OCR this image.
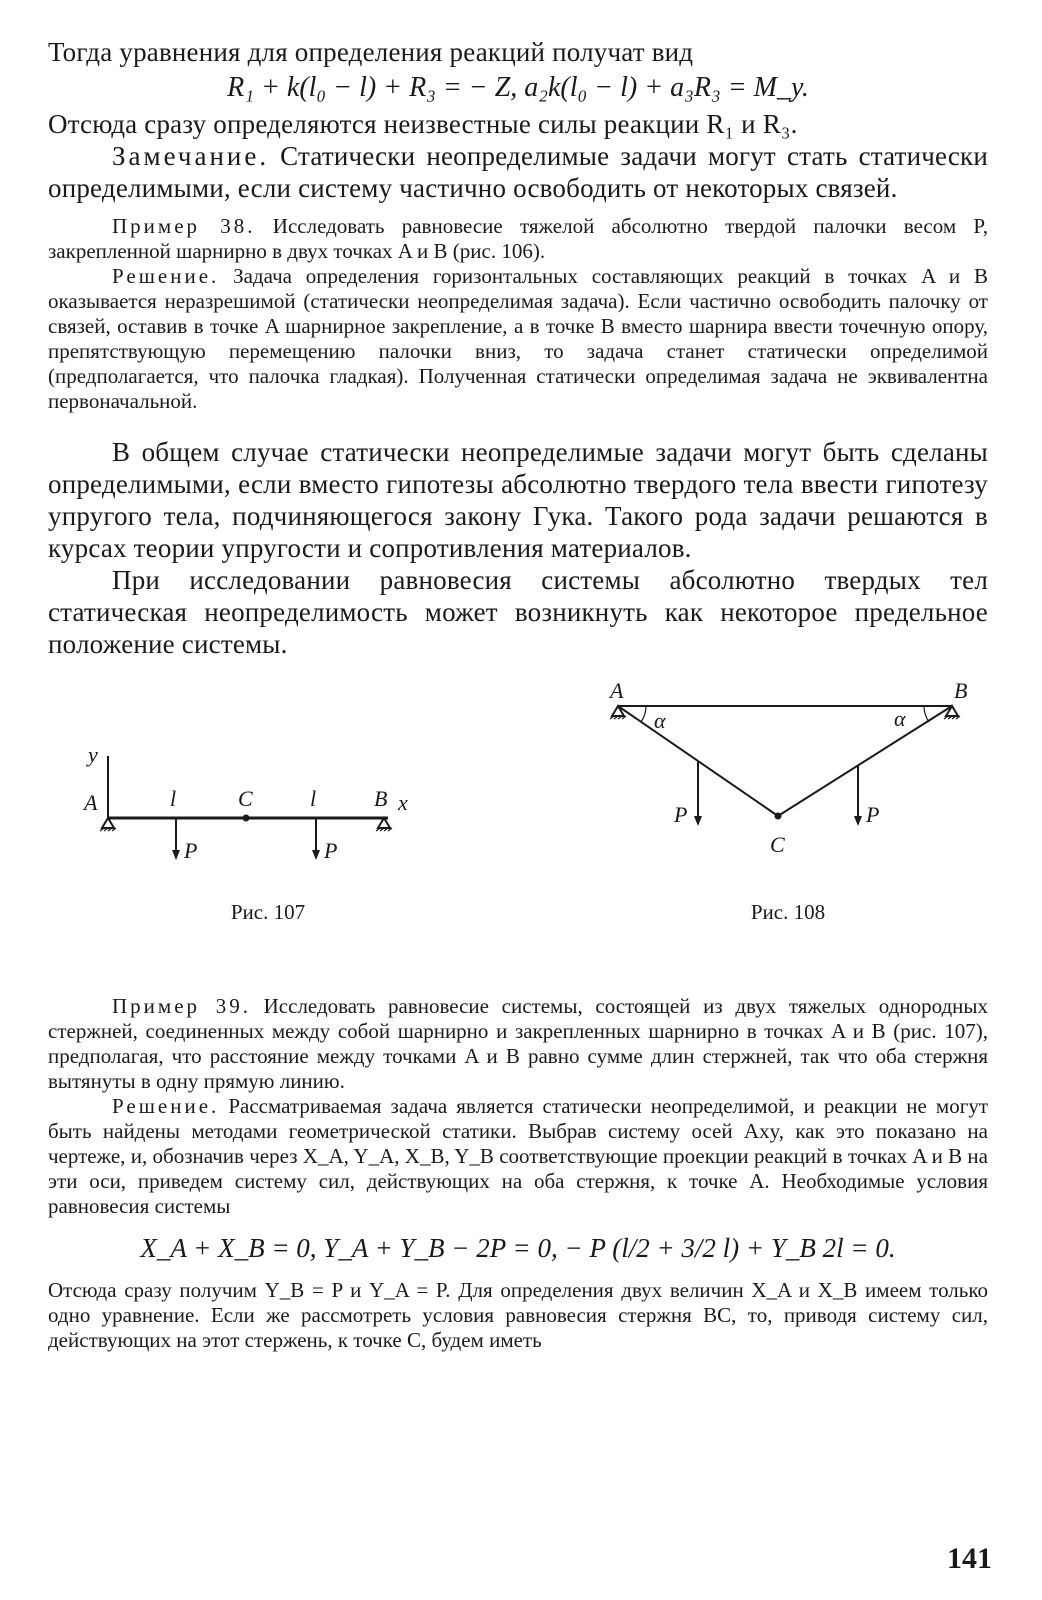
Тогда уравнения для определения реакций получат вид

R₁ + k(l₀ − l) + R₃ = − Z, a₂k(l₀ − l) + a₃R₃ = M_y.

Отсюда сразу определяются неизвестные силы реакции R₁ и R₃.

Замечание. Статически неопределимые задачи могут стать статически определимыми, если систему частично освободить от некоторых связей.

Пример 38. Исследовать равновесие тяжелой абсолютно твердой палочки весом P, закрепленной шарнирно в двух точках A и B (рис. 106).

Решение. Задача определения горизонтальных составляющих реакций в точках A и B оказывается неразрешимой (статически неопределимая задача). Если частично освободить палочку от связей, оставив в точке A шарнирное закрепление, а в точке B вместо шарнира ввести точечную опору, препятствующую перемещению палочки вниз, то задача станет статически определимой (предполагается, что палочка гладкая). Полученная статически определимая задача не эквивалентна первоначальной.

В общем случае статически неопределимые задачи могут быть сделаны определимыми, если вместо гипотезы абсолютно твердого тела ввести гипотезу упругого тела, подчиняющегося закону Гука. Такого рода задачи решаются в курсах теории упругости и сопротивления материалов.

При исследовании равновесия системы абсолютно твердых тел статическая неопределимость может возникнуть как некоторое предельное положение системы.

y
A	l	C	l	B x
P	P
Рис. 107
A	B
α	α
P	P
C
Рис. 108

Пример 39. Исследовать равновесие системы, состоящей из двух тяжелых однородных стержней, соединенных между собой шарнирно и закрепленных шарнирно в точках A и B (рис. 107), предполагая, что расстояние между точками A и B равно сумме длин стержней, так что оба стержня вытянуты в одну прямую линию.

Решение. Рассматриваемая задача является статически неопределимой, и реакции не могут быть найдены методами геометрической статики. Выбрав систему осей Axy, как это показано на чертеже, и, обозначив через X_A, Y_A, X_B, Y_B соответствующие проекции реакций в точках A и B на эти оси, приведем систему сил, действующих на оба стержня, к точке A. Необходимые условия равновесия системы

X_A + X_B = 0, Y_A + Y_B − 2P = 0, − P (l/2 + 3/2 l) + Y_B 2l = 0.

Отсюда сразу получим Y_B = P и Y_A = P. Для определения двух величин X_A и X_B имеем только одно уравнение. Если же рассмотреть условия равновесия стержня BC, то, приводя систему сил, действующих на этот стержень, к точке C, будем иметь

141
